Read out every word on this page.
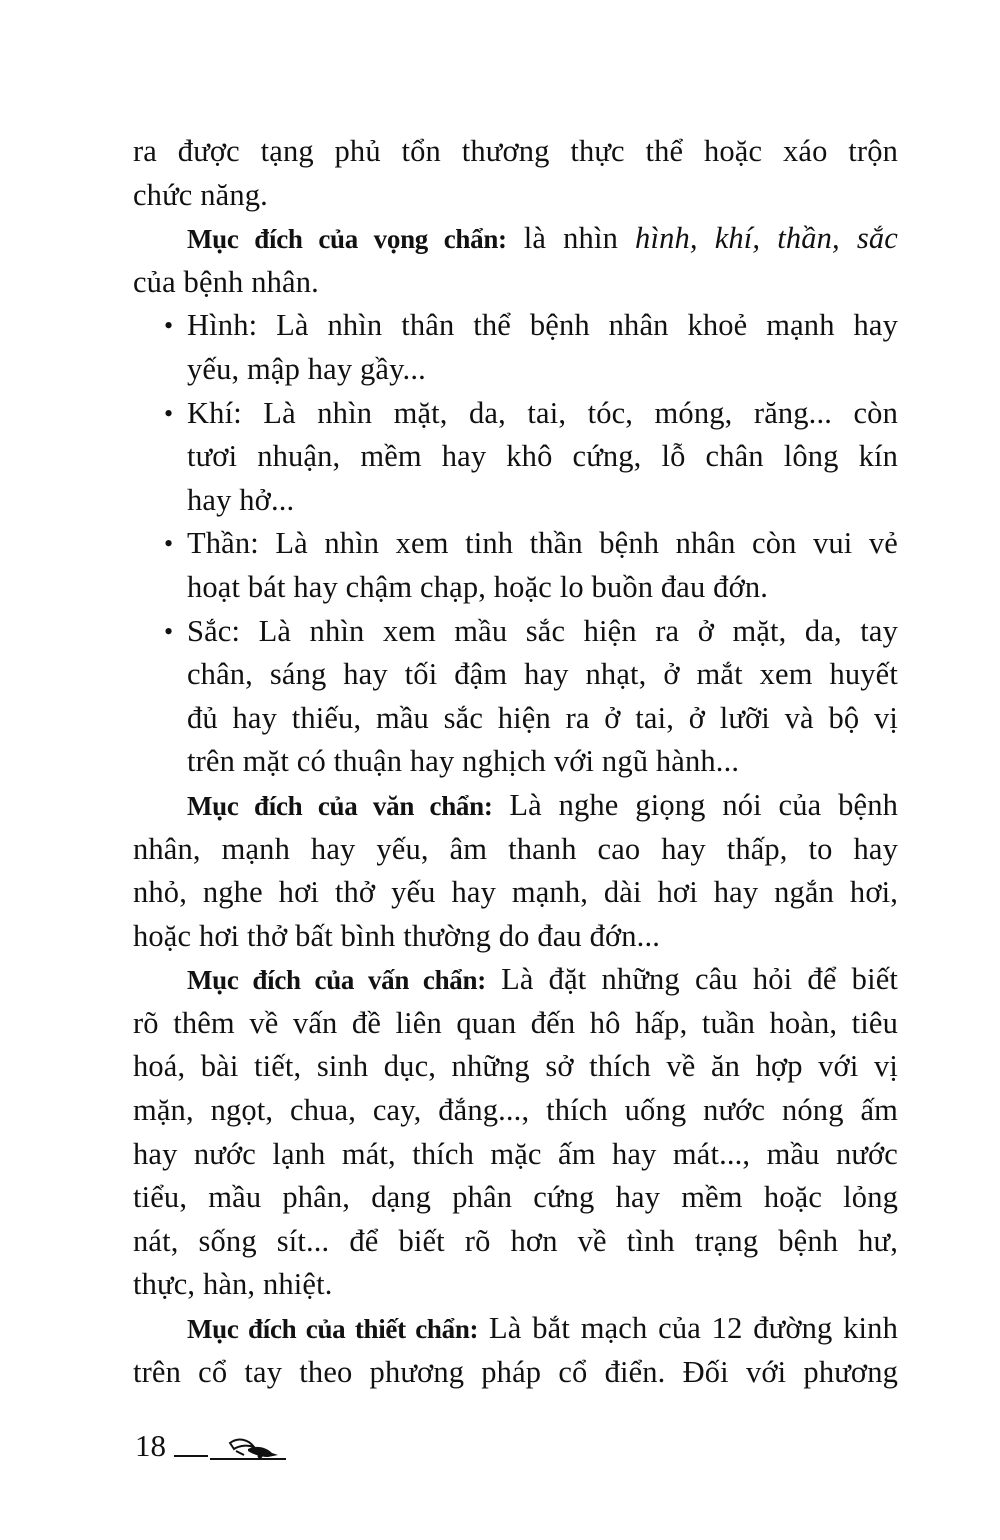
ra được tạng phủ tổn thương thực thể hoặc xáo trộn
chức năng.
Mục đích của vọng chẩn: là nhìn hình, khí, thần, sắc
của bệnh nhân.
• Hình: Là nhìn thân thể bệnh nhân khoẻ mạnh hay
yếu, mập hay gầy...
• Khí: Là nhìn mặt, da, tai, tóc, móng, răng... còn
tươi nhuận, mềm hay khô cứng, lỗ chân lông kín
hay hở...
• Thần: Là nhìn xem tinh thần bệnh nhân còn vui vẻ
hoạt bát hay chậm chạp, hoặc lo buồn đau đớn.
• Sắc: Là nhìn xem mầu sắc hiện ra ở mặt, da, tay
chân, sáng hay tối đậm hay nhạt, ở mắt xem huyết
đủ hay thiếu, mầu sắc hiện ra ở tai, ở lưỡi và bộ vị
trên mặt có thuận hay nghịch với ngũ hành...
Mục đích của văn chẩn: Là nghe giọng nói của bệnh
nhân, mạnh hay yếu, âm thanh cao hay thấp, to hay
nhỏ, nghe hơi thở yếu hay mạnh, dài hơi hay ngắn hơi,
hoặc hơi thở bất bình thường do đau đớn...
Mục đích của vấn chẩn: Là đặt những câu hỏi để biết
rõ thêm về vấn đề liên quan đến hô hấp, tuần hoàn, tiêu
hoá, bài tiết, sinh dục, những sở thích về ăn hợp với vị
mặn, ngọt, chua, cay, đắng..., thích uống nước nóng ấm
hay nước lạnh mát, thích mặc ấm hay mát..., mầu nước
tiểu, mầu phân, dạng phân cứng hay mềm hoặc lỏng
nát, sống sít... để biết rõ hơn về tình trạng bệnh hư,
thực, hàn, nhiệt.
Mục đích của thiết chẩn: Là bắt mạch của 12 đường kinh
trên cổ tay theo phương pháp cổ điển. Đối với phương
18
